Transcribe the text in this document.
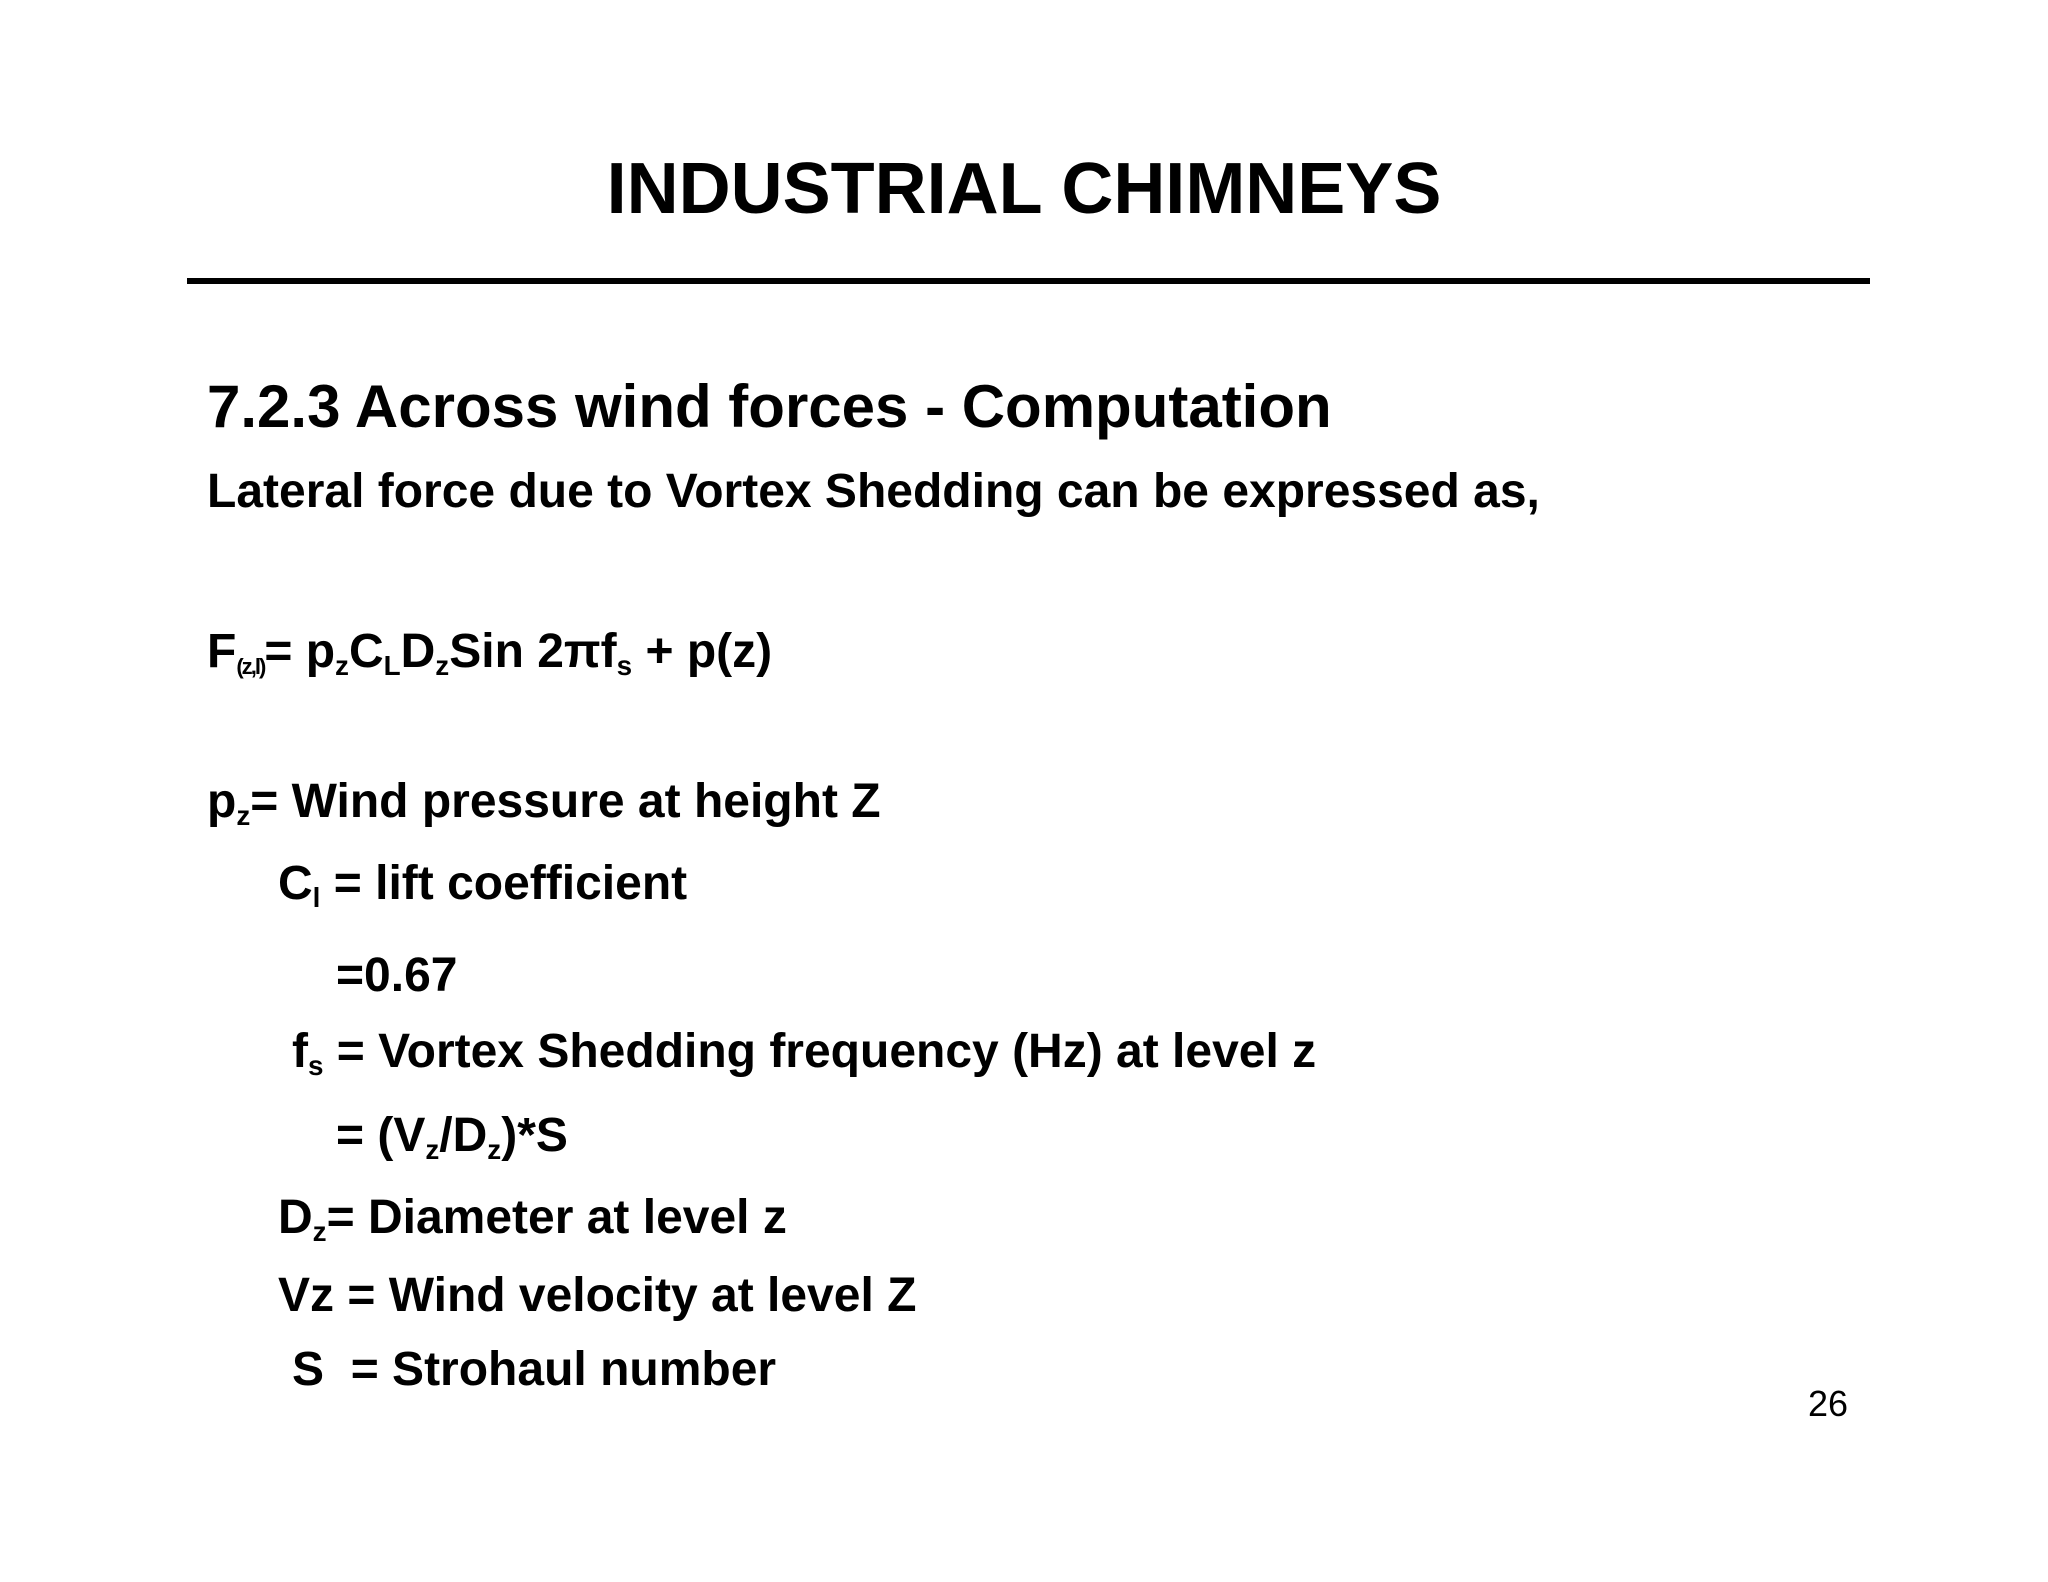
INDUSTRIAL CHIMNEYS
7.2.3 Across wind forces - Computation
Lateral force due to Vortex Shedding can be expressed as,
$F(z,l)= p_zC_LD_zSin$ $2\pi f_s + p(z)$
$p_z=$ Wind pressure at height Z
$C_l$ = lift coefficient
=0.67
$f_s$ = Vortex Shedding frequency (Hz) at level z
= $(V_z/D_z)*S$
$D_z=$ Diameter at level z
Vz = Wind velocity at level Z
S  = Strohaul number
26
